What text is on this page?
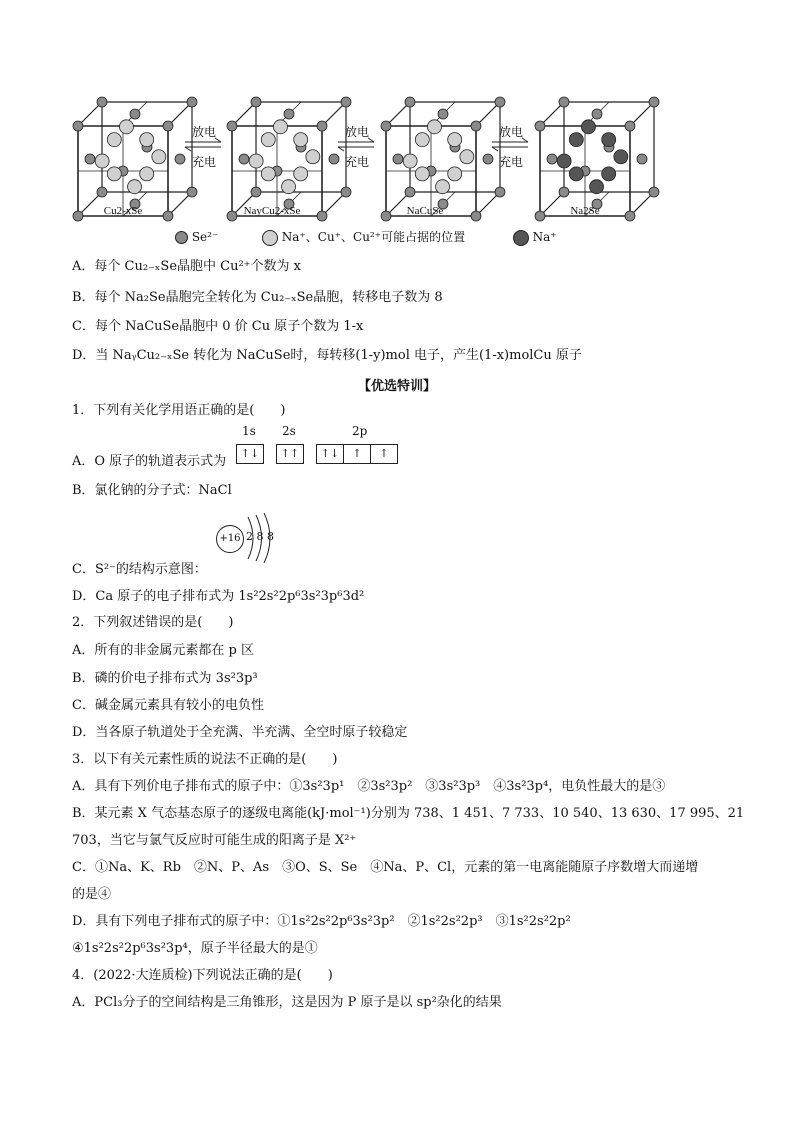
Cu2-xSe	NayCu2-xSe	NaCuSe	Na2Se
放电
充电
放电
充电
放电
充电
Se²⁻	Na⁺、Cu⁺、Cu²⁺可能占据的位置	Na⁺
A．每个 Cu₂₋ₓSe晶胞中 Cu²⁺个数为 x
B．每个 Na₂Se晶胞完全转化为 Cu₂₋ₓSe晶胞，转移电子数为 8
C．每个 NaCuSe晶胞中 0 价 Cu 原子个数为 1-x
D．当 NaᵧCu₂₋ₓSe 转化为 NaCuSe时，每转移(1-y)mol 电子，产生(1-x)molCu 原子
【优选特训】
1．下列有关化学用语正确的是(　　)
A．O 原子的轨道表示式为
1s 2s	2p
↑↓	↑↑	↑↓ ↑ ↑
B．氯化钠的分子式：NaCl
+16 2 8 8
C．S²⁻的结构示意图：
D．Ca 原子的电子排布式为 1s²2s²2p⁶3s²3p⁶3d²
2．下列叙述错误的是(　　)
A．所有的非金属元素都在 p 区
B．磷的价电子排布式为 3s²3p³
C．碱金属元素具有较小的电负性
D．当各原子轨道处于全充满、半充满、全空时原子较稳定
3．以下有关元素性质的说法不正确的是(　　)
A．具有下列价电子排布式的原子中：①3s²3p¹　②3s²3p²　③3s²3p³　④3s²3p⁴，电负性最大的是③
B．某元素 X 气态基态原子的逐级电离能(kJ·mol⁻¹)分别为 738、1 451、7 733、10 540、13 630、17 995、21
703，当它与氯气反应时可能生成的阳离子是 X²⁺
C．①Na、K、Rb　②N、P、As　③O、S、Se　④Na、P、Cl，元素的第一电离能随原子序数增大而递增
的是④
D．具有下列电子排布式的原子中：①1s²2s²2p⁶3s²3p²　②1s²2s²2p³　③1s²2s²2p²
④1s²2s²2p⁶3s²3p⁴，原子半径最大的是①
4．(2022·大连质检)下列说法正确的是(　　)
A．PCl₃分子的空间结构是三角锥形，这是因为 P 原子是以 sp²杂化的结果
